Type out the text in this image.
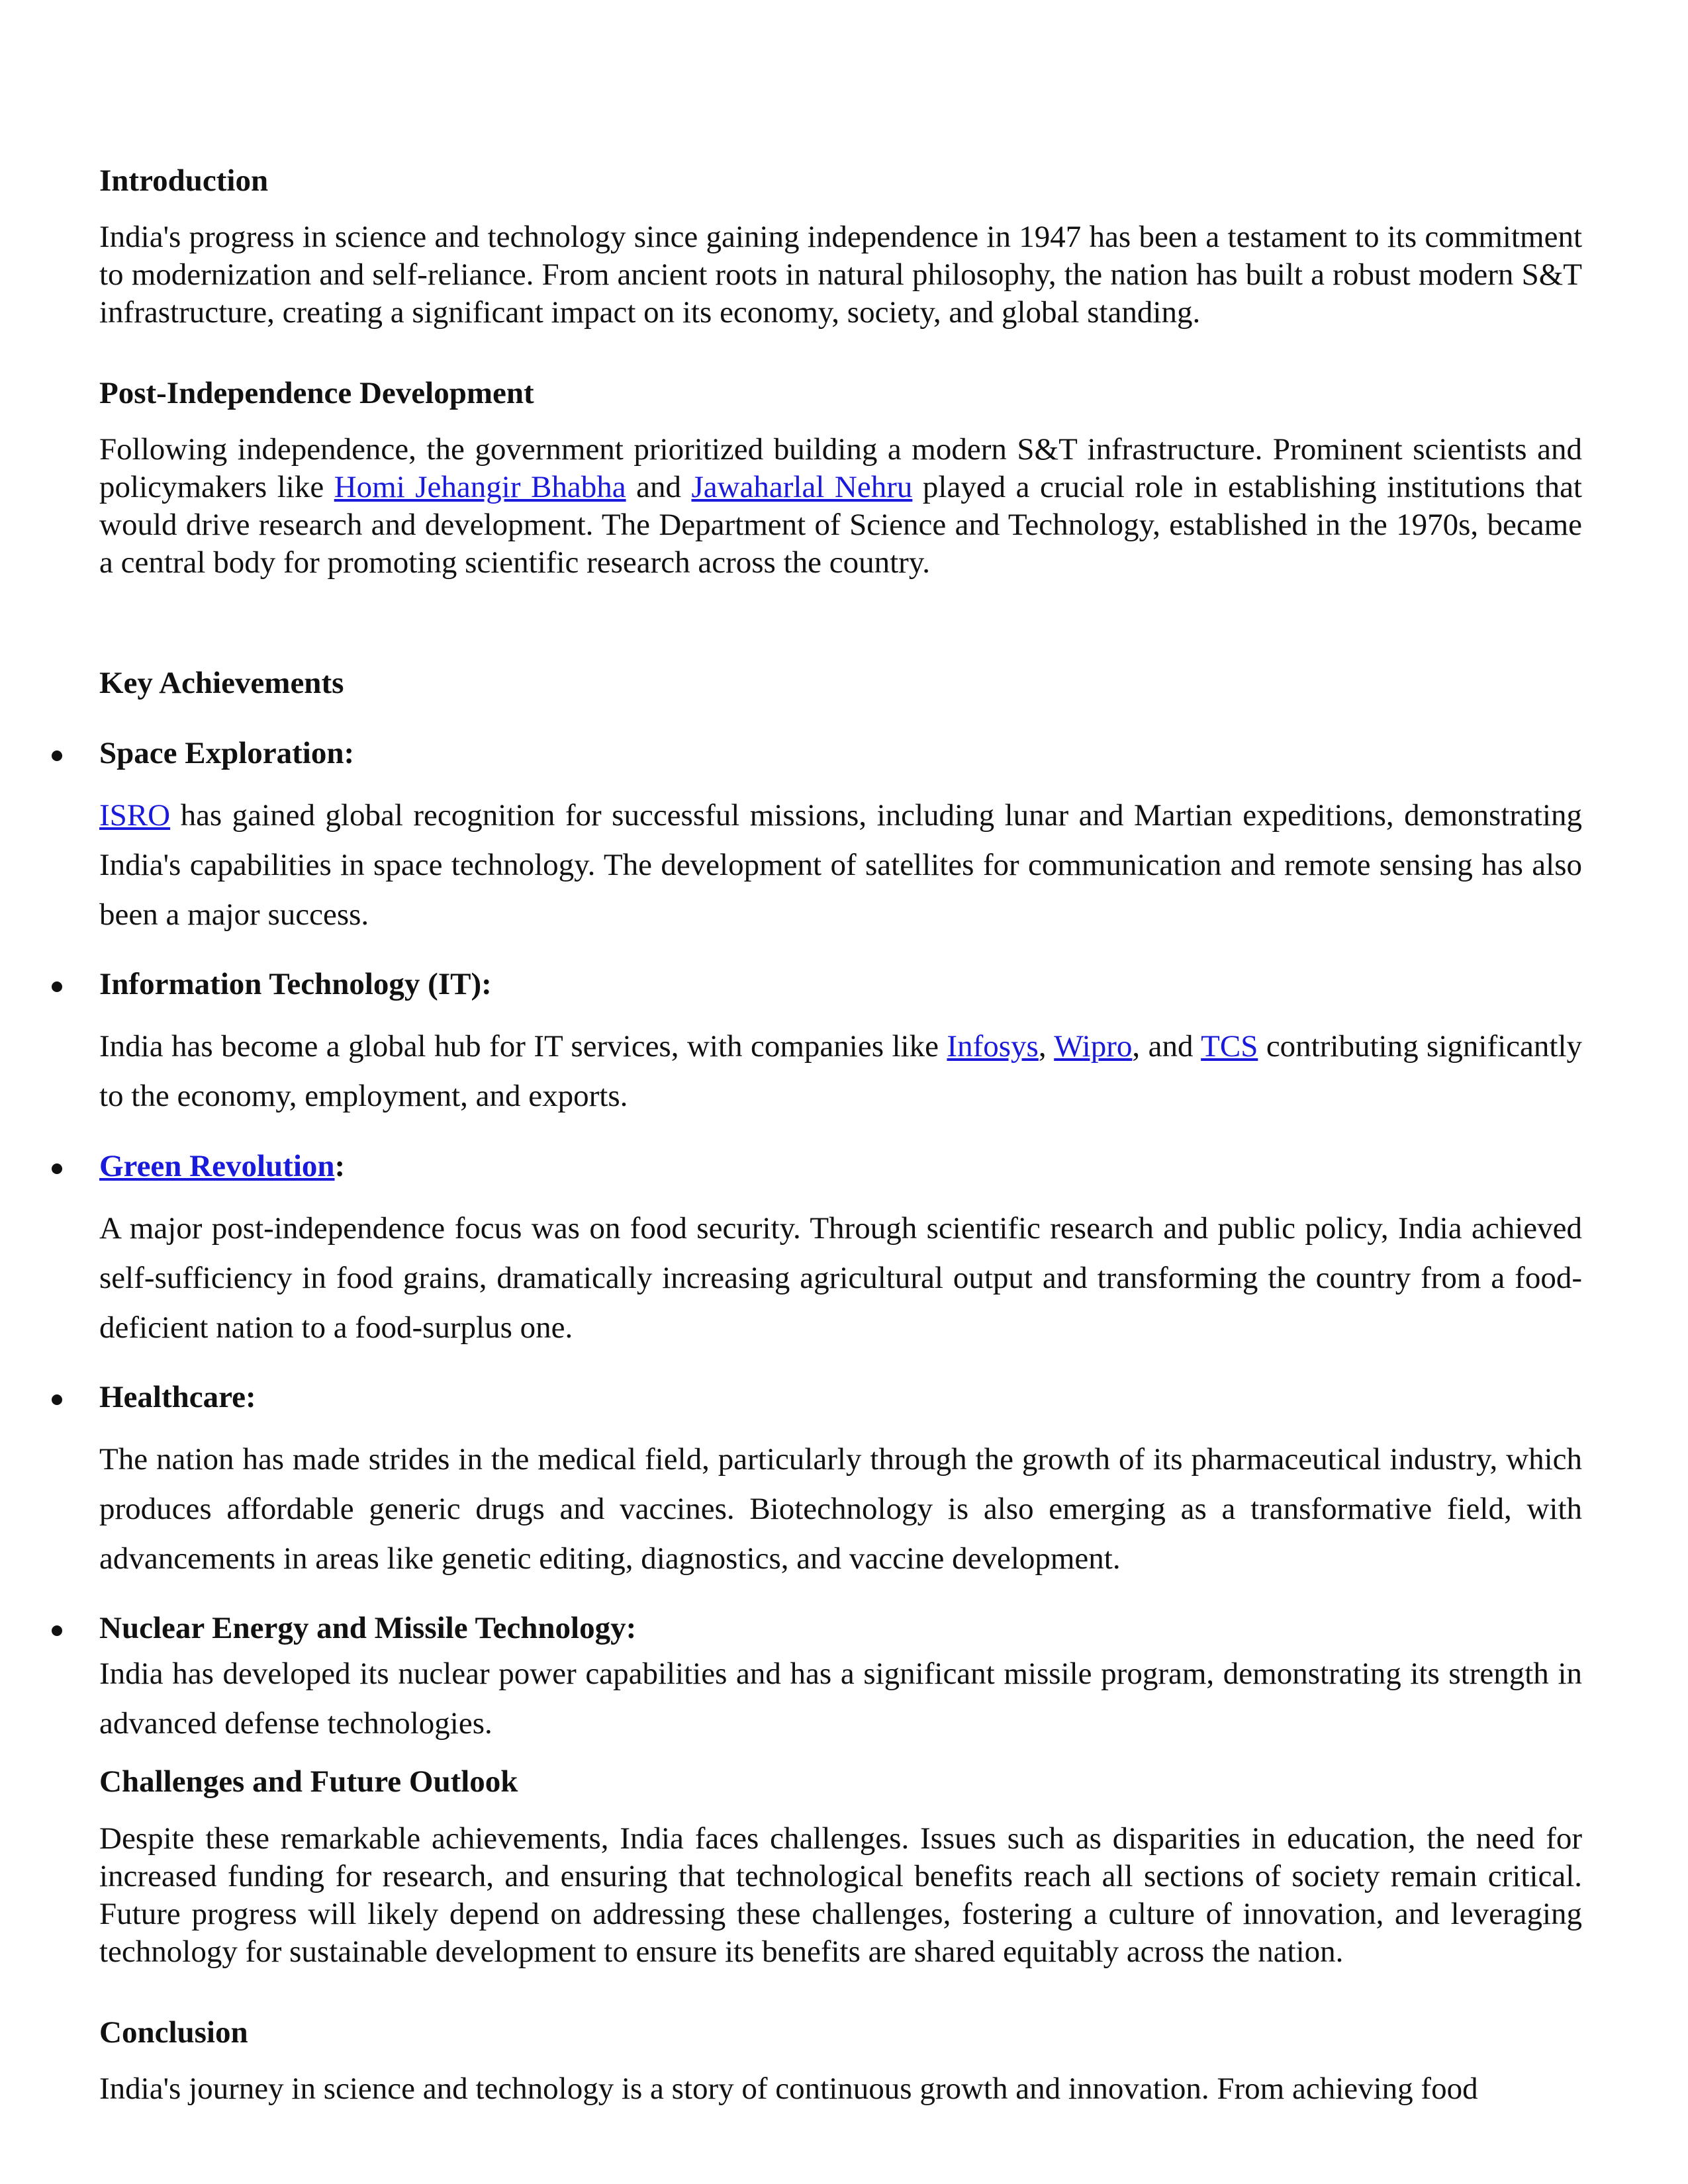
Introduction
India's progress in science and technology since gaining independence in 1947 has been a testament to its commitment to modernization and self-reliance. From ancient roots in natural philosophy, the nation has built a robust modern S&T infrastructure, creating a significant impact on its economy, society, and global standing.
Post-Independence Development
Following independence, the government prioritized building a modern S&T infrastructure. Prominent scientists and policymakers like Homi Jehangir Bhabha and Jawaharlal Nehru played a crucial role in establishing institutions that would drive research and development. The Department of Science and Technology, established in the 1970s, became a central body for promoting scientific research across the country.
Key Achievements
Space Exploration:
ISRO has gained global recognition for successful missions, including lunar and Martian expeditions, demonstrating India's capabilities in space technology. The development of satellites for communication and remote sensing has also been a major success.
Information Technology (IT):
India has become a global hub for IT services, with companies like Infosys, Wipro, and TCS contributing significantly to the economy, employment, and exports.
Green Revolution:
A major post-independence focus was on food security. Through scientific research and public policy, India achieved self-sufficiency in food grains, dramatically increasing agricultural output and transforming the country from a food-deficient nation to a food-surplus one.
Healthcare:
The nation has made strides in the medical field, particularly through the growth of its pharmaceutical industry, which produces affordable generic drugs and vaccines. Biotechnology is also emerging as a transformative field, with advancements in areas like genetic editing, diagnostics, and vaccine development.
Nuclear Energy and Missile Technology:
India has developed its nuclear power capabilities and has a significant missile program, demonstrating its strength in advanced defense technologies.
Challenges and Future Outlook
Despite these remarkable achievements, India faces challenges. Issues such as disparities in education, the need for increased funding for research, and ensuring that technological benefits reach all sections of society remain critical. Future progress will likely depend on addressing these challenges, fostering a culture of innovation, and leveraging technology for sustainable development to ensure its benefits are shared equitably across the nation.
Conclusion
India's journey in science and technology is a story of continuous growth and innovation. From achieving food
